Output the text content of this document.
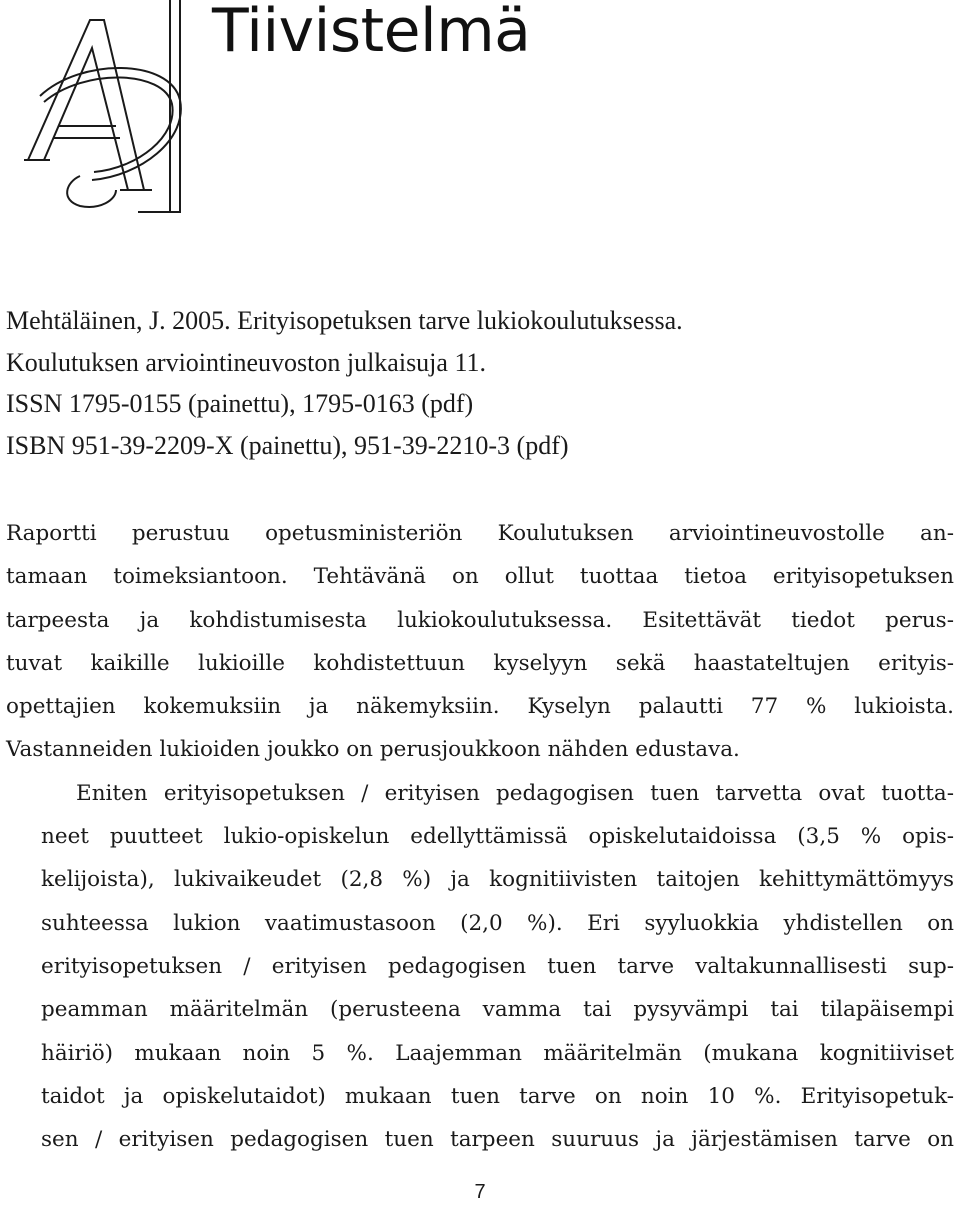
Tiivistelmä
Mehtäläinen, J. 2005. Erityisopetuksen tarve lukiokoulutuksessa.
Koulutuksen arviointineuvoston julkaisuja 11.
ISSN 1795-0155 (painettu), 1795-0163 (pdf)
ISBN 951-39-2209-X (painettu), 951-39-2210-3 (pdf)

Raportti perustuu opetusministeriön Koulutuksen arviointineuvostolle an-
tamaan toimeksiantoon. Tehtävänä on ollut tuottaa tietoa erityisopetuksen
tarpeesta ja kohdistumisesta lukiokoulutuksessa. Esitettävät tiedot perus-
tuvat kaikille lukioille kohdistettuun kyselyyn sekä haastateltujen erityis-
opettajien kokemuksiin ja näkemyksiin. Kyselyn palautti 77 % lukioista.
Vastanneiden lukioiden joukko on perusjoukkoon nähden edustava.

Eniten erityisopetuksen / erityisen pedagogisen tuen tarvetta ovat tuotta-
neet puutteet lukio-opiskelun edellyttämissä opiskelutaidoissa (3,5 % opis-
kelijoista), lukivaikeudet (2,8 %) ja kognitiivisten taitojen kehittymättömyys
suhteessa lukion vaatimustasoon (2,0 %). Eri syyluokkia yhdistellen on
erityisopetuksen / erityisen pedagogisen tuen tarve valtakunnallisesti sup-
peamman määritelmän (perusteena vamma tai pysyvämpi tai tilapäisempi
häiriö) mukaan noin 5 %. Laajemman määritelmän (mukana kognitiiviset
taidot ja opiskelutaidot) mukaan tuen tarve on noin 10 %. Erityisopetuk-
sen / erityisen pedagogisen tuen tarpeen suuruus ja järjestämisen tarve on

7
